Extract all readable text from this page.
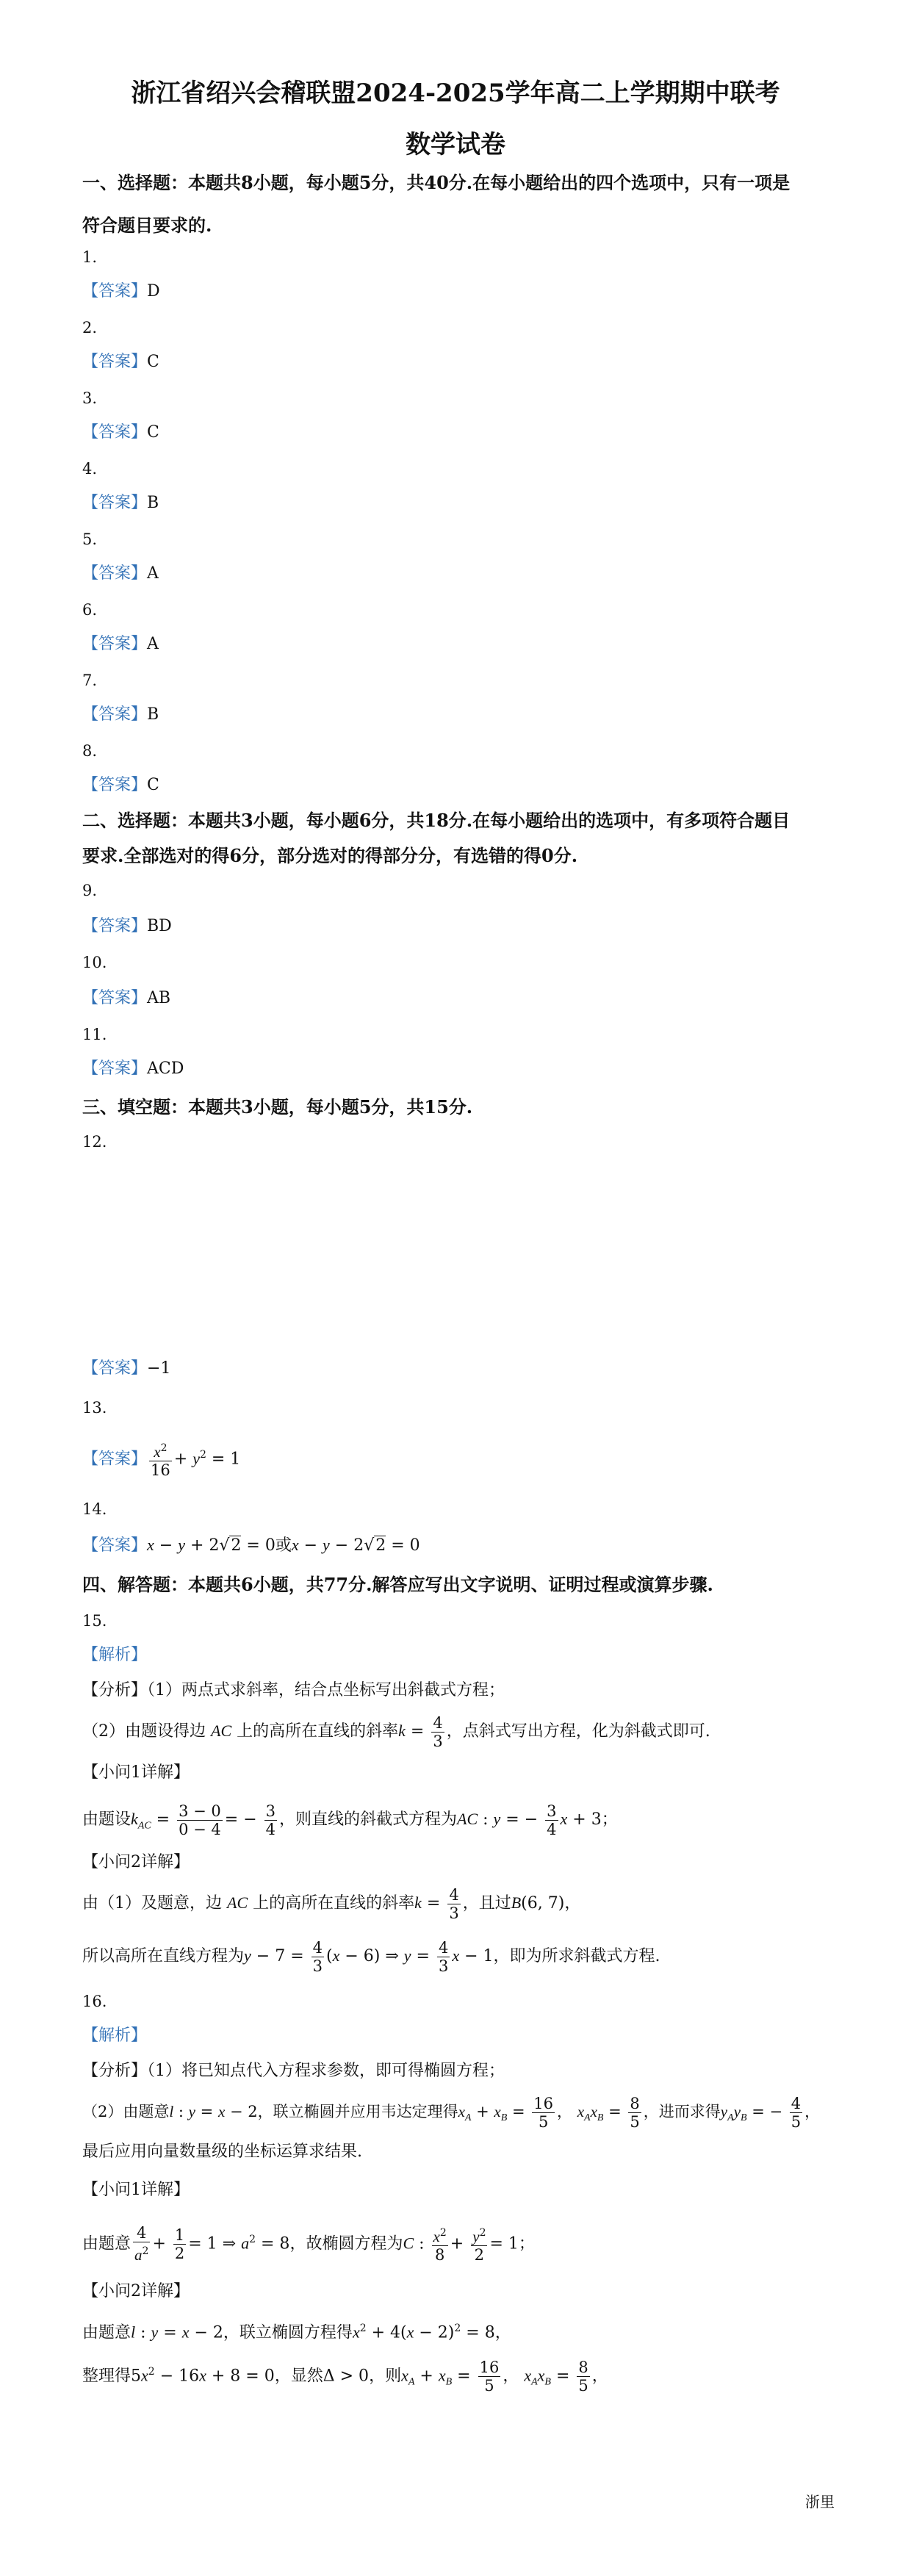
浙江省绍兴会稽联盟2024-2025学年高二上学期期中联考
数学试卷
一、选择题：本题共8小题，每小题5分，共40分.在每小题给出的四个选项中，只有一项是
符合题目要求的.
1.
【答案】D
2.
【答案】C
3.
【答案】C
4.
【答案】B
5.
【答案】A
6.
【答案】A
7.
【答案】B
8.
【答案】C
二、选择题：本题共3小题，每小题6分，共18分.在每小题给出的选项中，有多项符合题目
要求.全部选对的得6分，部分选对的得部分分，有选错的得0分.
9.
【答案】BD
10.
【答案】AB
11.
【答案】ACD
三、填空题：本题共3小题，每小题5分，共15分.
12.
【答案】−1
13.
【答案】 $\frac{x^2}{16} + y^2 = 1$
14.
【答案】x − y + 2√2 = 0或x − y − 2√2 = 0
四、解答题：本题共6小题，共77分.解答应写出文字说明、证明过程或演算步骤.
15.
【解析】
【分析】（1）两点式求斜率，结合点坐标写出斜截式方程；
（2）由题设得边 AC 上的高所在直线的斜率$k = \frac{4}{3}$ ，点斜式写出方程，化为斜截式即可.
【小问1详解】
由题设$k_{AC} = \frac{3 - 0}{0 - 4}$ = − $\frac{3}{4}$ ，则直线的斜截式方程为AC : y = − $\frac{3}{4}$ x + 3；
【小问2详解】
由（1）及题意，边 AC 上的高所在直线的斜率$k = \frac{4}{3}$ ，且过B(6, 7)，
所以高所在直线方程为$y - 7 = \frac{4}{3} (x - 6)$ ⇒ $y = \frac{4}{3}$ x − 1，即为所求斜截式方程.
16.
【解析】
【分析】（1）将已知点代入方程求参数，即可得椭圆方程；
（2）由题意l : y = x − 2，联立椭圆并应用韦达定理得$x_A + x_B = \frac{16}{5}$ ， $x_Ax_B = \frac{8}{5}$ ，进而求得$y_Ay_B$ = − $\frac{4}{5}$ ，
最后应用向量数量级的坐标运算求结果.
【小问1详解】
由题意 $\frac{4}{a^2} + \frac{1}{2} = 1$ ⇒ $a^2 = 8$，故椭圆方程为C : $\frac{x^2}{8} + \frac{y^2}{2} = 1$；
【小问2详解】
由题意l : y = x − 2，联立椭圆方程得$x^2 + 4(x - 2)^2 = 8$，
整理得$5x^2 - 16x + 8 = 0$，显然Δ > 0，则$x_A + x_B = \frac{16}{5}$ ， $x_Ax_B = \frac{8}{5}$ ，
浙里
